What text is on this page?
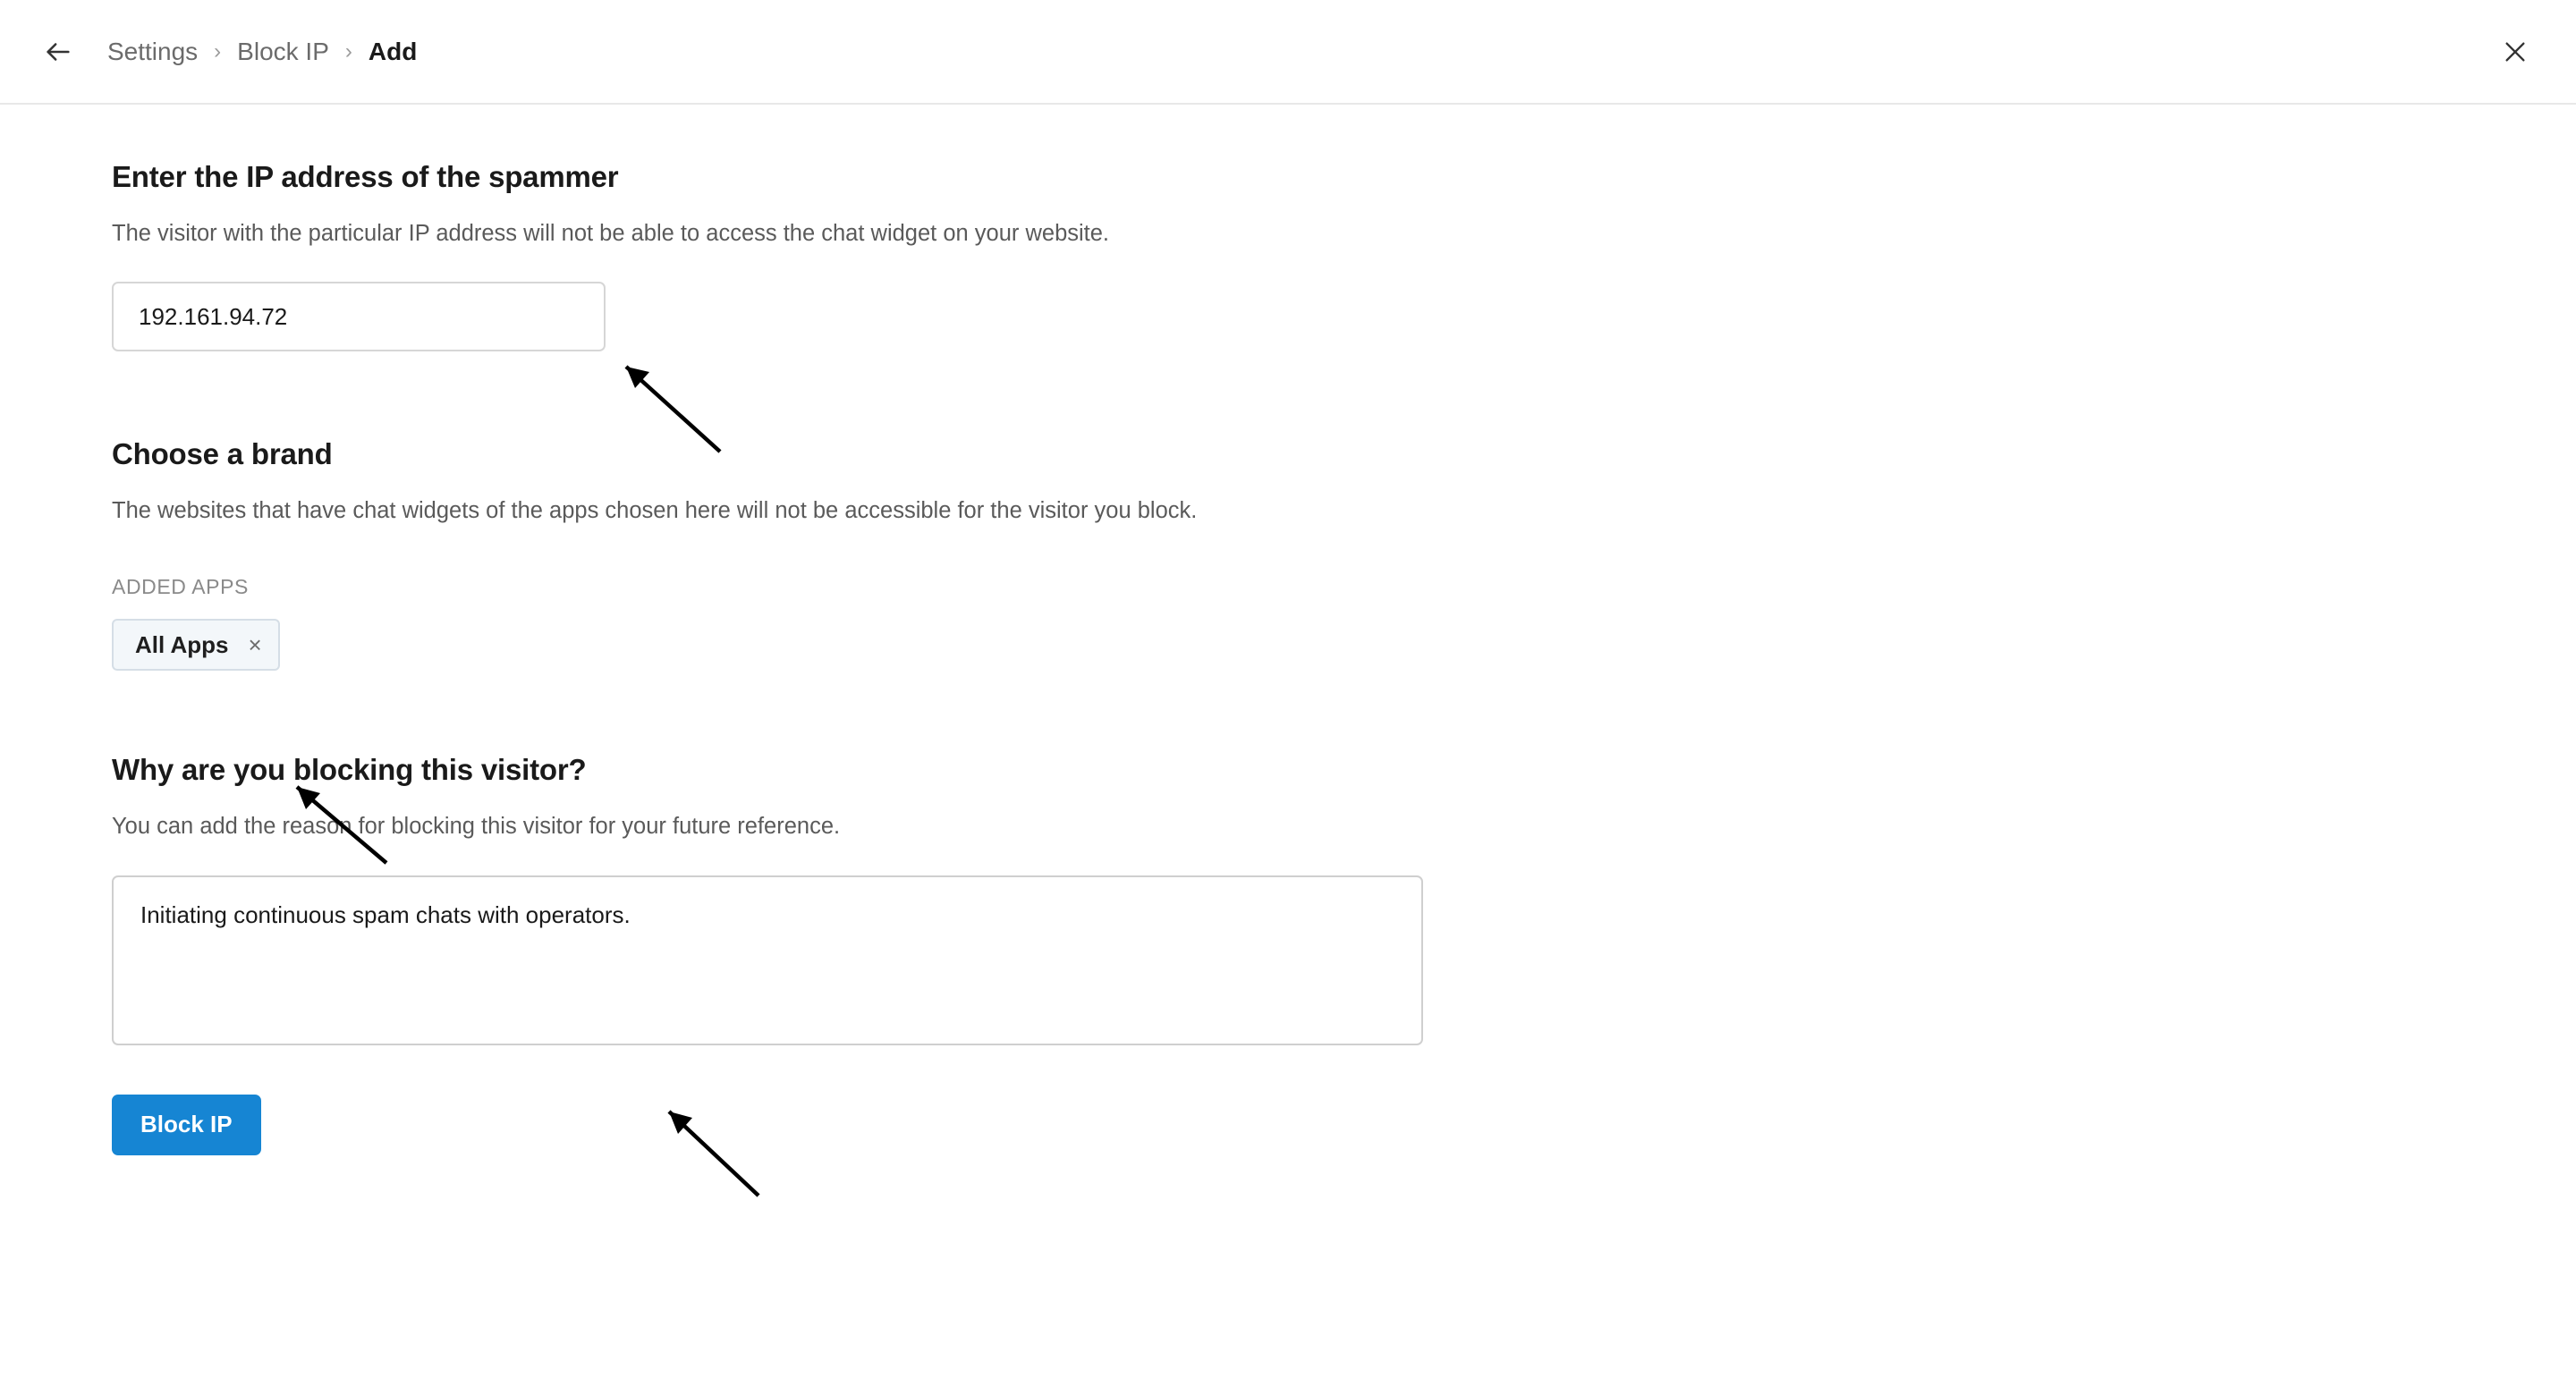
Settings › Block IP › Add
Enter the IP address of the spammer

The visitor with the particular IP address will not be able to access the chat widget on your website.

192.161.94.72
Choose a brand

The websites that have chat widgets of the apps chosen here will not be accessible for the visitor you block.

ADDED APPS

All Apps ×
Why are you blocking this visitor?

You can add the reason for blocking this visitor for your future reference.

Initiating continuous spam chats with operators.
Block IP
